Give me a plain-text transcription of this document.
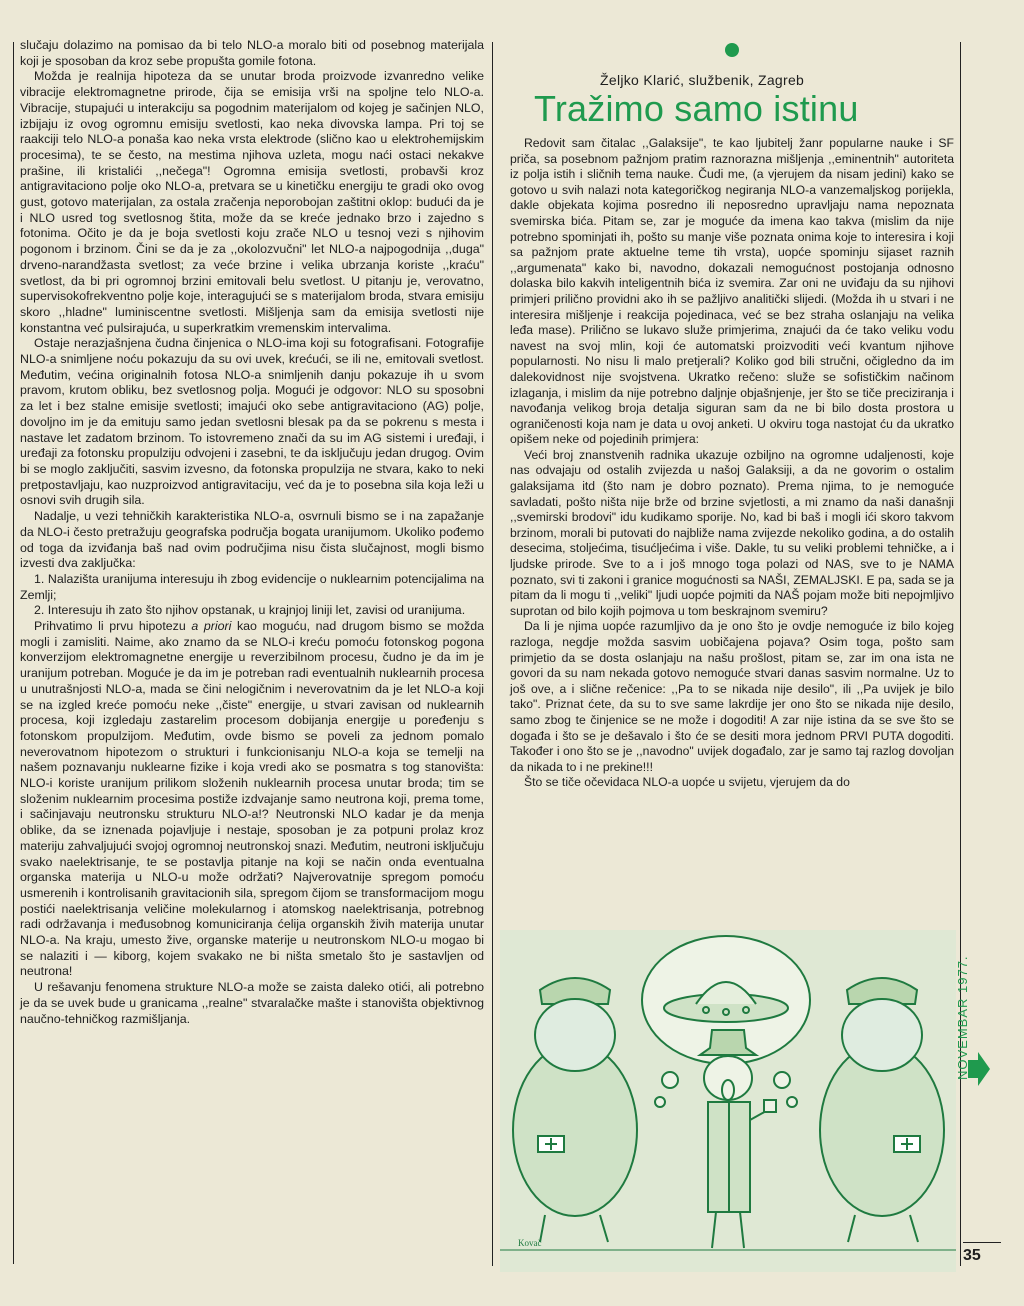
slučaju dolazimo na pomisao da bi telo NLO-a moralo biti od posebnog materijala koji je sposoban da kroz sebe propušta gomile fotona.

Možda je realnija hipoteza da se unutar broda proizvode izvanredno velike vibracije elektromagnetne prirode, čija se emisija vrši na spoljne telo NLO-a. Vibracije, stupajući u interakciju sa pogodnim materijalom od kojeg je sačinjen NLO, izbijaju iz ovog ogromnu emisiju svetlosti, kao neka divovska lampa. Pri toj se raakciji telo NLO-a ponaša kao neka vrsta elektrode (slično kao u elektrohemijskim procesima), te se često, na mestima njihova uzleta, mogu naći ostaci nekakve prašine, ili kristalići ,,nečega"! Ogromna emisija svetlosti, probavši kroz antigravitaciono polje oko NLO-a, pretvara se u kinetičku energiju te gradi oko ovog gust, gotovo materijalan, za ostala zračenja neporobojan zaštitni oklop: budući da je i NLO usred tog svetlosnog štita, može da se kreće jednako brzo i zajedno s fotonima. Očito je da je boja svetlosti koju zrače NLO u tesnoj vezi s njihovim pogonom i brzinom. Čini se da je za ,,okolozvučni" let NLO-a najpogodnija ,,duga" drveno-narandžasta svetlost; za veće brzine i velika ubrzanja koriste ,,kraću" svetlost, da bi pri ogromnoj brzini emitovali belu svetlost. U pitanju je, verovatno, supervisokofrekventno polje koje, interagujući se s materijalom broda, stvara emisiju skoro ,,hladne" luminiscentne svetlosti. Mišljenja sam da emisija svetlosti nije konstantna već pulsirajuća, u superkratkim vremenskim intervalima.

Ostaje nerazjašnjena čudna činjenica o NLO-ima koji su fotografisani. Fotografije NLO-a snimljene noću pokazuju da su ovi uvek, krećući, se ili ne, emitovali svetlost. Međutim, većina originalnih fotosa NLO-a snimljenih danju pokazuje ih u svom pravom, krutom obliku, bez svetlosnog polja. Mogući je odgovor: NLO su sposobni za let i bez stalne emisije svetlosti; imajući oko sebe antigravitaciono (AG) polje, dovoljno im je da emituju samo jedan svetlosni blesak pa da se pokrenu s mesta i nastave let zadatom brzinom. To istovremeno znači da su im AG sistemi i uređaji, i uređaji za fotonsku propulziju odvojeni i zasebni, te da isključuju jedan drugog. Ovim bi se moglo zaključiti, sasvim izvesno, da fotonska propulzija ne stvara, kako to neki pretpostavljaju, kao nuzproizvod antigravitaciju, već da je to posebna sila koja leži u osnovi svih drugih sila.

Nadalje, u vezi tehničkih karakteristika NLO-a, osvrnuli bismo se i na zapažanje da NLO-i često pretražuju geografska područja bogata uranijumom. Ukoliko pođemo od toga da izviđanja baš nad ovim područjima nisu čista slučajnost, mogli bismo izvesti dva zaključka:

1. Nalazišta uranijuma interesuju ih zbog evidencije o nuklearnim potencijalima na Zemlji;
2. Interesuju ih zato što njihov opstanak, u krajnjoj liniji let, zavisi od uranijuma.

Prihvatimo li prvu hipotezu a priori kao moguću, nad drugom bismo se možda mogli i zamisliti. Naime, ako znamo da se NLO-i kreću pomoću fotonskog pogona konverzijom elektromagnetne energije u reverzibilnom procesu, čudno je da im je uranijum potreban. Moguće je da im je potreban radi eventualnih nuklearnih procesa u unutrašnjosti NLO-a, mada se čini nelogičnim i neverovatnim da je let NLO-a koji se na izgled kreće pomoću neke ,,čiste" energije, u stvari zavisan od nuklearnih procesa, koji izgledaju zastarelim procesom dobijanja energije u poređenju s fotonskom propulzijom. Međutim, ovde bismo se poveli za jednom pomalo neverovatnom hipotezom o strukturi i funkcionisanju NLO-a koja se temelji na našem poznavanju nuklearne fizike i koja vredi ako se posmatra s tog stanovišta: NLO-i koriste uranijum prilikom složenih nuklearnih procesa unutar broda; tim se složenim nuklearnim procesima postiže izdvajanje samo neutrona koji, prema tome, i sačinjavaju neutronsku strukturu NLO-a!? Neutronski NLO kadar je da menja oblike, da se iznenada pojavljuje i nestaje, sposoban je za potpuni prolaz kroz materiju zahvaljujući svojoj ogromnoj neutronskoj snazi. Međutim, neutroni isključuju svako naelektrisanje, te se postavlja pitanje na koji se način onda eventualna organska materija u NLO-u može održati? Najverovatnije spregom pomoću usmerenih i kontrolisanih gravitacionih sila, spregom čijom se transformacijom mogu postići naelektrisanja veličine molekularnog i atomskog naelektrisanja, potrebnog radi održavanja i međusobnog komuniciranja ćelija organskih živih materija unutar NLO-a. Na kraju, umesto žive, organske materije u neutronskom NLO-u mogao bi se nalaziti i — kiborg, kojem svakako ne bi ništa smetalo što je sastavljen od neutrona!

U rešavanju fenomena strukture NLO-a može se zaista daleko otići, ali potrebno je da se uvek bude u granicama ,,realne" stvaralačke mašte i stanovišta objektivnog naučno-tehničkog razmišljanja.

Željko Klarić, službenik, Zagreb
Tražimo samo istinu

Redovit sam čitalac ,,Galaksije", te kao ljubitelj žanr popularne nauke i SF priča, sa posebnom pažnjom pratim raznorazna mišljenja ,,eminentnih" autoriteta iz polja istih i sličnih tema nauke. Čudi me, (a vjerujem da nisam jedini) kako se gotovo u svih nalazi nota kategoričkog negiranja NLO-a vanzemaljskog porijekla, dakle objekata kojima posredno ili neposredno upravljaju nama nepoznata svemirska bića. Pitam se, zar je moguće da imena kao takva (mislim da nije potrebno spominjati ih, pošto su manje više poznata onima koje to interesira i koji sa pažnjom prate aktuelne teme tih vrsta), uopće spominju sijaset raznih ,,argumenata" kako bi, navodno, dokazali nemogućnost postojanja odnosno dolaska bilo kakvih inteligentnih bića iz svemira. Zar oni ne uviđaju da su njihovi primjeri prilično providni ako ih se pažljivo analitički slijedi. (Možda ih u stvari i ne interesira mišljenje i reakcija pojedinaca, već se bez straha oslanjaju na velika leđa mase). Prilično se lukavo služe primjerima, znajući da će tako veliku vodu navest na svoj mlin, koji će automatski proizvoditi veći kvantum njihove popularnosti. No nisu li malo pretjerali? Koliko god bili stručni, očigledno da im dalekovidnost nije svojstvena. Ukratko rečeno: služe se sofističkim načinom izlaganja, i mislim da nije potrebno daljnje objašnjenje, jer što se tiče preciziranja i navođanja velikog broja detalja siguran sam da ne bi bilo dosta prostora u ograničenosti koja nam je data u ovoj anketi. U okviru toga nastojat ću da ukratko opišem neke od pojedinih primjera:

Veći broj znanstvenih radnika ukazuje ozbiljno na ogromne udaljenosti, koje nas odvajaju od ostalih zvijezda u našoj Galaksiji, a da ne govorim o ostalim galaksijama itd (što nam je dobro poznato). Prema njima, to je nemoguće savladati, pošto ništa nije brže od brzine svjetlosti, a mi znamo da naši današnji ,,svemirski brodovi" idu kudikamo sporije. No, kad bi baš i mogli ići skoro takvom brzinom, morali bi putovati do najbliže nama zvijezde nekoliko godina, a do ostalih desecima, stoljećima, tisućljećima i više. Dakle, tu su veliki problemi tehničke, a i ljudske prirode. Sve to a i još mnogo toga polazi od NAS, sve to je NAMA poznato, svi ti zakoni i granice mogućnosti sa NAŠI, ZEMALJSKI. E pa, sada se ja pitam da li mogu ti ,,veliki" ljudi uopće pojmiti da NAŠ pojam može biti nepojmljivo suprotan od bilo kojih pojmova u tom beskrajnom svemiru?

Da li je njima uopće razumljivo da je ono što je ovdje nemoguće iz bilo kojeg razloga, negdje možda sasvim uobičajena pojava? Osim toga, pošto sam primjetio da se dosta oslanjaju na našu prošlost, pitam se, zar im ona ista ne govori da su nam nekada gotovo nemoguće stvari danas sasvim normalne. Uz to još ove, a i slične rečenice: ,,Pa to se nikada nije desilo", ili ,,Pa uvijek je bilo tako". Priznat ćete, da su to sve same lakrdije jer ono što se nikada nije desilo, samo zbog te činjenice se ne može i dogoditi! A zar nije istina da se sve što se događa i što se je dešavalo i što će se desiti mora jednom PRVI PUTA dogoditi. Također i ono što se je ,,navodno" uvijek događalo, zar je samo taj razlog dovoljan da nikada to i ne prekine!!!

Što se tiče očevidaca NLO-a uopće u svijetu, vjerujem da do

Kovač
NOVEMBAR 1977.
35
